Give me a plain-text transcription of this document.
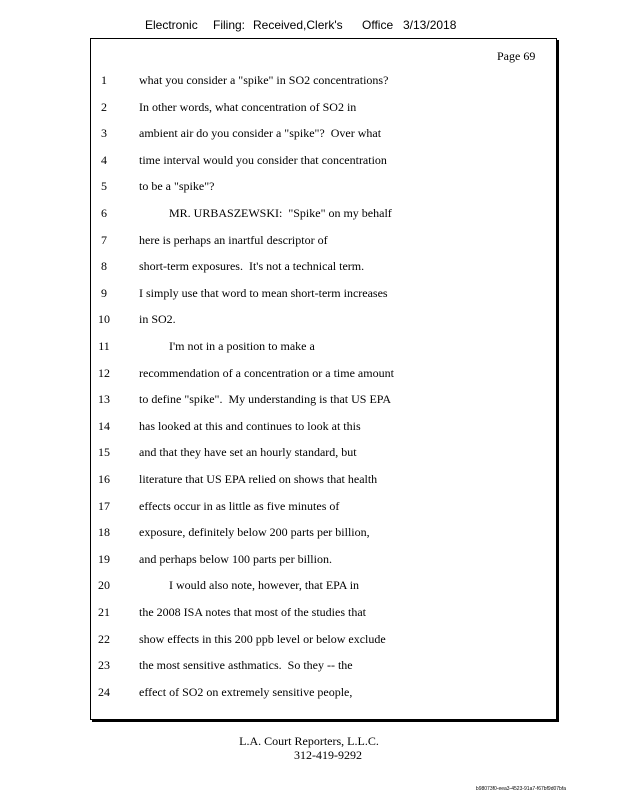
Electronic Filing: Received,Clerk's Office 3/13/2018
Page 69
1	what you consider a "spike" in SO2 concentrations?
2	In other words, what concentration of SO2 in
3	ambient air do you consider a "spike"?  Over what
4	time interval would you consider that concentration
5	to be a "spike"?
6	MR. URBASZEWSKI:  "Spike" on my behalf
7	here is perhaps an inartful descriptor of
8	short-term exposures.  It's not a technical term.
9	I simply use that word to mean short-term increases
10	in SO2.
11	I'm not in a position to make a
12	recommendation of a concentration or a time amount
13	to define "spike".  My understanding is that US EPA
14	has looked at this and continues to look at this
15	and that they have set an hourly standard, but
16	literature that US EPA relied on shows that health
17	effects occur in as little as five minutes of
18	exposure, definitely below 200 parts per billion,
19	and perhaps below 100 parts per billion.
20	I would also note, however, that EPA in
21	the 2008 ISA notes that most of the studies that
22	show effects in this 200 ppb level or below exclude
23	the most sensitive asthmatics.  So they -- the
24	effect of SO2 on extremely sensitive people,
L.A. Court Reporters, L.L.C.
312-419-9292
b98073f0-eea3-4523-91a7-f67bf9d07bfa
